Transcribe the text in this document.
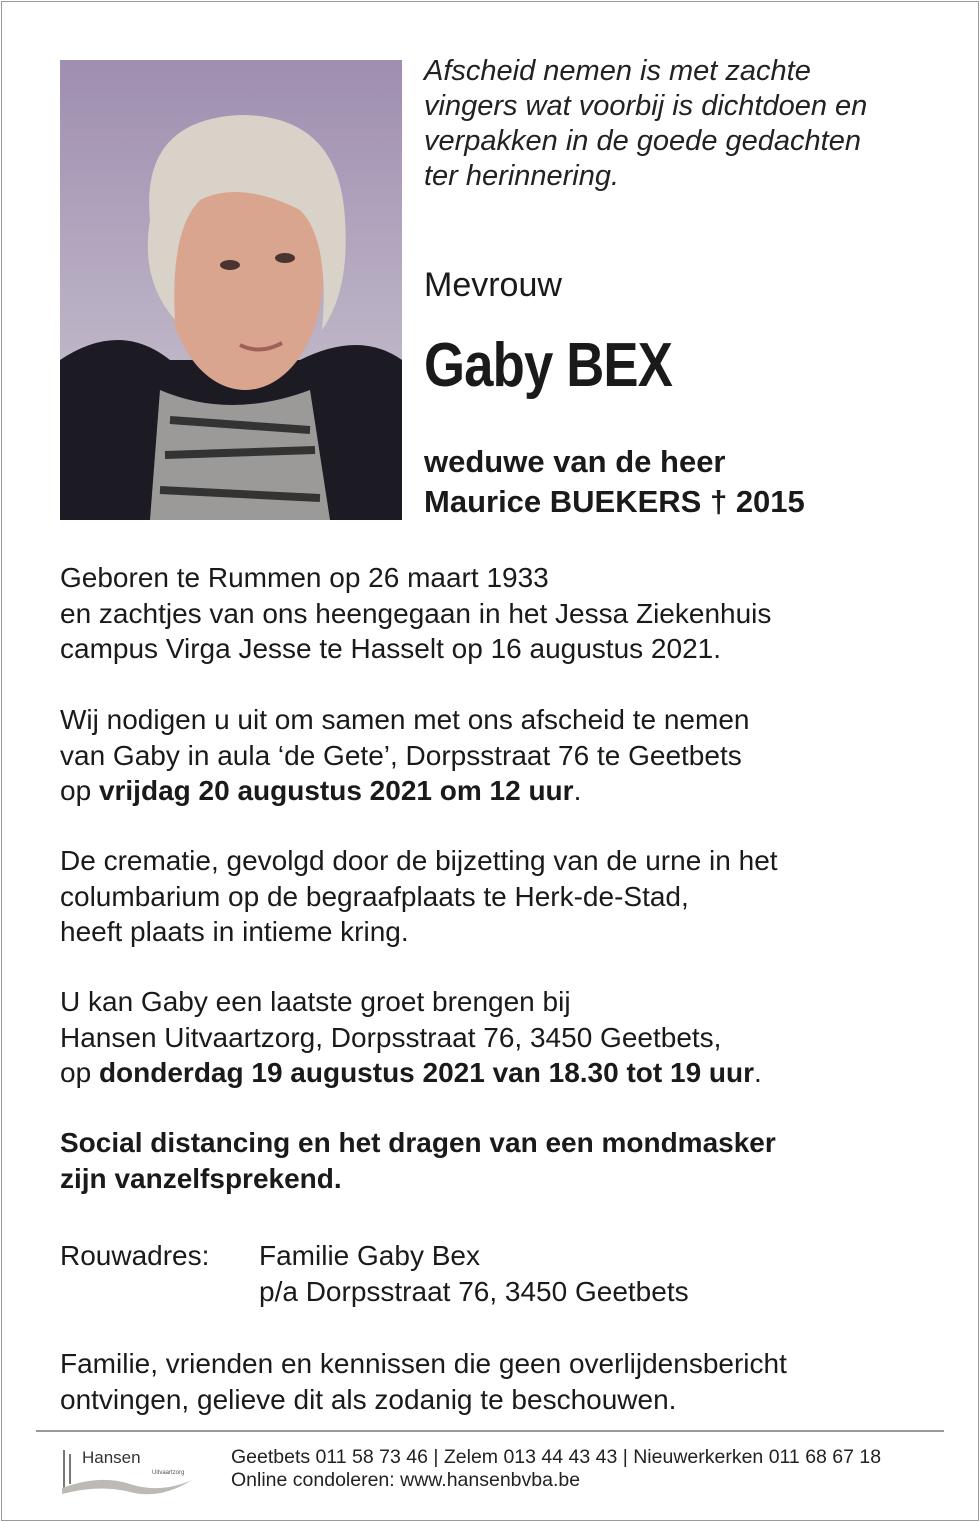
Afscheid nemen is met zachte
vingers wat voorbij is dichtdoen en
verpakken in de goede gedachten
ter herinnering.
Mevrouw
Gaby BEX
weduwe van de heer
Maurice BUEKERS † 2015
Geboren te Rummen op 26 maart 1933
en zachtjes van ons heengegaan in het Jessa Ziekenhuis
campus Virga Jesse te Hasselt op 16 augustus 2021.
Wij nodigen u uit om samen met ons afscheid te nemen
van Gaby in aula ‘de Gete’, Dorpsstraat 76 te Geetbets
op vrijdag 20 augustus 2021 om 12 uur.
De crematie, gevolgd door de bijzetting van de urne in het
columbarium op de begraafplaats te Herk-de-Stad,
heeft plaats in intieme kring.
U kan Gaby een laatste groet brengen bij
Hansen Uitvaartzorg, Dorpsstraat 76, 3450 Geetbets,
op donderdag 19 augustus 2021 van 18.30 tot 19 uur.
Social distancing en het dragen van een mondmasker
zijn vanzelfsprekend.
Rouwadres: Familie Gaby Bex
p/a Dorpsstraat 76, 3450 Geetbets
Familie, vrienden en kennissen die geen overlijdensbericht
ontvingen, gelieve dit als zodanig te beschouwen.
Hansen
Uitvaartzorg
Geetbets 011 58 73 46 | Zelem 013 44 43 43 | Nieuwerkerken 011 68 67 18
Online condoleren: www.hansenbvba.be
